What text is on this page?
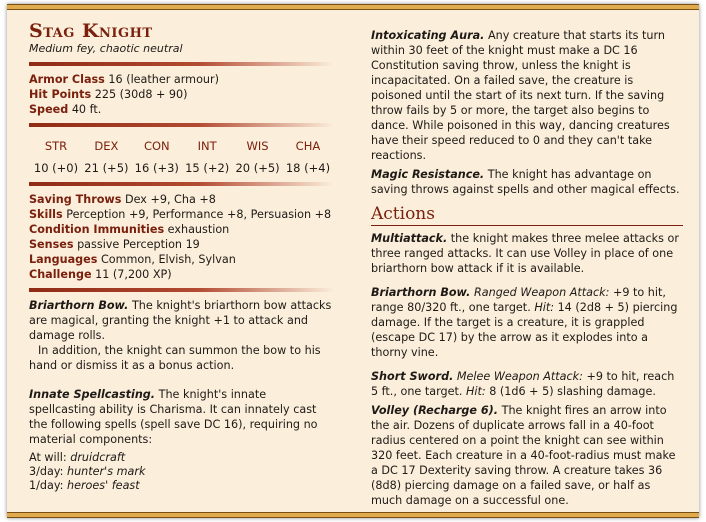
Stag Knight
Medium fey, chaotic neutral
Armor Class 16 (leather armour)
Hit Points 225 (30d8 + 90)
Speed 40 ft.
STR
10 (+0)
DEX
21 (+5)
CON
16 (+3)
INT
15 (+2)
WIS
20 (+5)
CHA
18 (+4)
Saving Throws Dex +9, Cha +8
Skills Perception +9, Performance +8, Persuasion +8
Condition Immunities exhaustion
Senses passive Perception 19
Languages Common, Elvish, Sylvan
Challenge 11 (7,200 XP)
Briarthorn Bow. The knight's briarthorn bow attacks are magical, granting the knight +1 to attack and damage rolls.
In addition, the knight can summon the bow to his hand or dismiss it as a bonus action.
Innate Spellcasting. The knight's innate spellcasting ability is Charisma. It can innately cast the following spells (spell save DC 16), requiring no material components:
At will: druidcraft
3/day: hunter's mark
1/day: heroes' feast
Intoxicating Aura. Any creature that starts its turn within 30 feet of the knight must make a DC 16 Constitution saving throw, unless the knight is incapacitated. On a failed save, the creature is poisoned until the start of its next turn. If the saving throw fails by 5 or more, the target also begins to dance. While poisoned in this way, dancing creatures have their speed reduced to 0 and they can't take reactions.
Magic Resistance. The knight has advantage on saving throws against spells and other magical effects.
Actions
Multiattack. the knight makes three melee attacks or three ranged attacks. It can use Volley in place of one briarthorn bow attack if it is available.
Briarthorn Bow. Ranged Weapon Attack: +9 to hit, range 80/320 ft., one target. Hit: 14 (2d8 + 5) piercing damage. If the target is a creature, it is grappled (escape DC 17) by the arrow as it explodes into a thorny vine.
Short Sword. Melee Weapon Attack: +9 to hit, reach 5 ft., one target. Hit: 8 (1d6 + 5) slashing damage.
Volley (Recharge 6). The knight fires an arrow into the air. Dozens of duplicate arrows fall in a 40-foot radius centered on a point the knight can see within 320 feet. Each creature in a 40-foot-radius must make a DC 17 Dexterity saving throw. A creature takes 36 (8d8) piercing damage on a failed save, or half as much damage on a successful one.
